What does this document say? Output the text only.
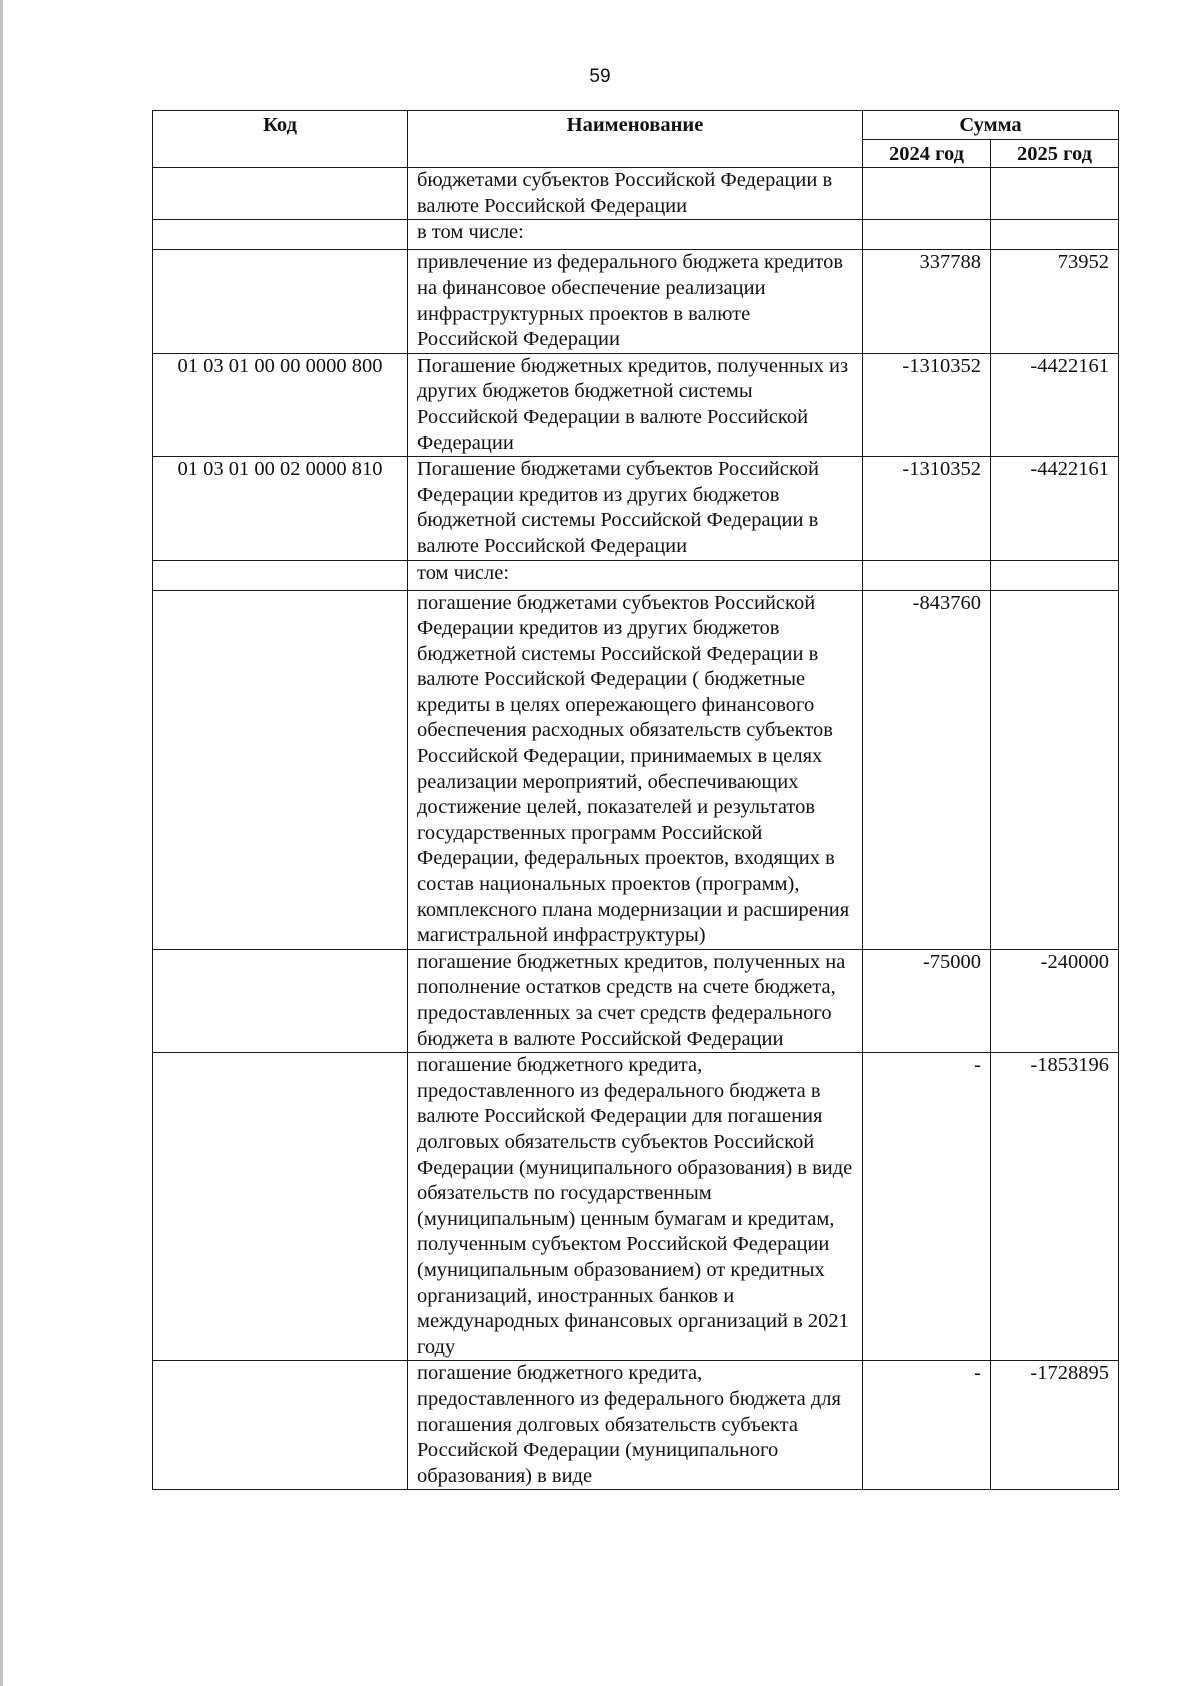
59
Код	Наименование	Сумма	
		2024 год	2025 год
	бюджетами субъектов Российской Федерации в валюте Российской Федерации		
	в том числе:		
	привлечение из федерального бюджета кредитов на финансовое обеспечение реализации инфраструктурных проектов в валюте Российской Федерации	337788	73952
01 03 01 00 00 0000 800	Погашение бюджетных кредитов, полученных из других бюджетов бюджетной системы Российской Федерации в валюте Российской Федерации	-1310352	-4422161
01 03 01 00 02 0000 810	Погашение бюджетами субъектов Российской Федерации кредитов из других бюджетов бюджетной системы Российской Федерации в валюте Российской Федерации	-1310352	-4422161
	том числе:		
	погашение бюджетами субъектов Российской Федерации кредитов из других бюджетов бюджетной системы Российской Федерации в валюте Российской Федерации ( бюджетные кредиты в целях опережающего финансового обеспечения расходных обязательств субъектов Российской Федерации, принимаемых в целях реализации мероприятий, обеспечивающих достижение целей, показателей и результатов государственных программ Российской Федерации, федеральных проектов, входящих в состав национальных проектов (программ), комплексного плана модернизации и расширения магистральной инфраструктуры)	-843760	
	погашение бюджетных кредитов, полученных на пополнение остатков средств на счете бюджета, предоставленных за счет средств федерального бюджета в валюте Российской Федерации	-75000	-240000
	погашение бюджетного кредита, предоставленного из федерального бюджета в валюте Российской Федерации для погашения долговых обязательств субъектов Российской Федерации (муниципального образования) в виде обязательств по государственным (муниципальным) ценным бумагам и кредитам, полученным субъектом Российской Федерации (муниципальным образованием) от кредитных организаций, иностранных банков и международных финансовых организаций в 2021 году	-	-1853196
	погашение бюджетного кредита, предоставленного из федерального бюджета для погашения долговых обязательств субъекта Российской Федерации (муниципального образования) в виде	-	-1728895
